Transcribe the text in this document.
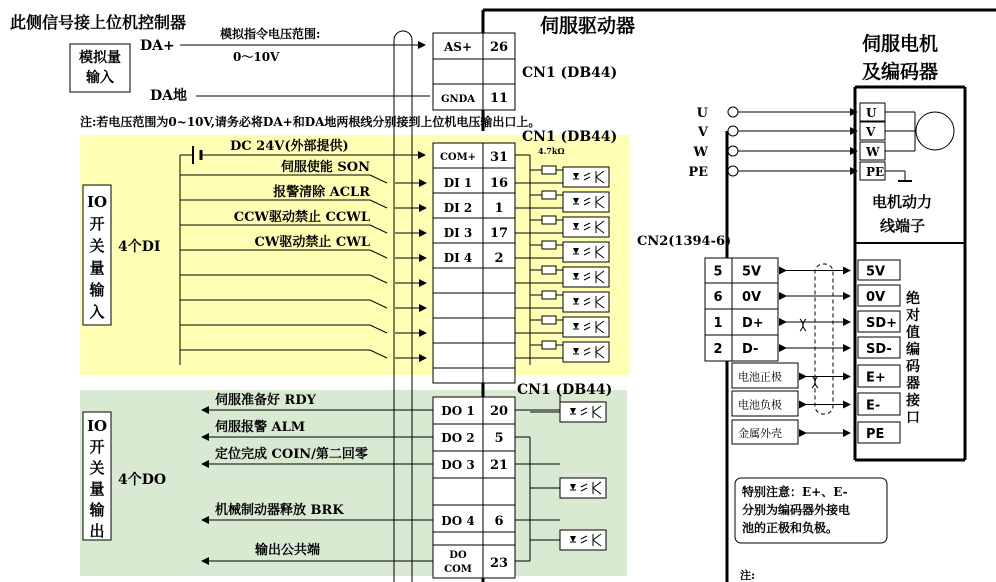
此侧信号接上位机控制器	伺服驱动器
伺服电机
及编码器
模拟量
输入
DA+
模拟指令电压范围:
0～10V
DA地
AS+ 26
GNDA 11
CN1 (DB44)
注:若电压范围为0~10V,请务必将DA+和DA地两根线分别接到上位机电压输出口上。
IO
开
关
量
输
入
4个DI
DC 24V(外部提供)
CN1 (DB44)
4.7kΩ
COM+ 31
DI 1 16
DI 2 1
DI 3 17
DI 4 2
伺服使能 SON
报警清除 ACLR
CCW驱动禁止 CCWL
CW驱动禁止 CWL
IO
开
关
量
输
出
4个DO
CN1 (DB44)
DO 1 20
DO 2 5
DO 3 21
DO 4 6
DO
COM 23
伺服准备好 RDY
伺服报警 ALM
定位完成 COIN/第二回零
机械制动器释放 BRK
输出公共端
U	U
V	V
W	W
PE	PE
电机动力
线端子
CN2(1394-6)
5 5V	5V
6 0V	0V
1 D+	SD+
2 D-	SD-
电池正极	E+
电池负极	E-
金属外壳	PE
绝
对
值
编
码
器
接
口
特别注意：E+、E-
分别为编码器外接电
池的正极和负极。
注:
